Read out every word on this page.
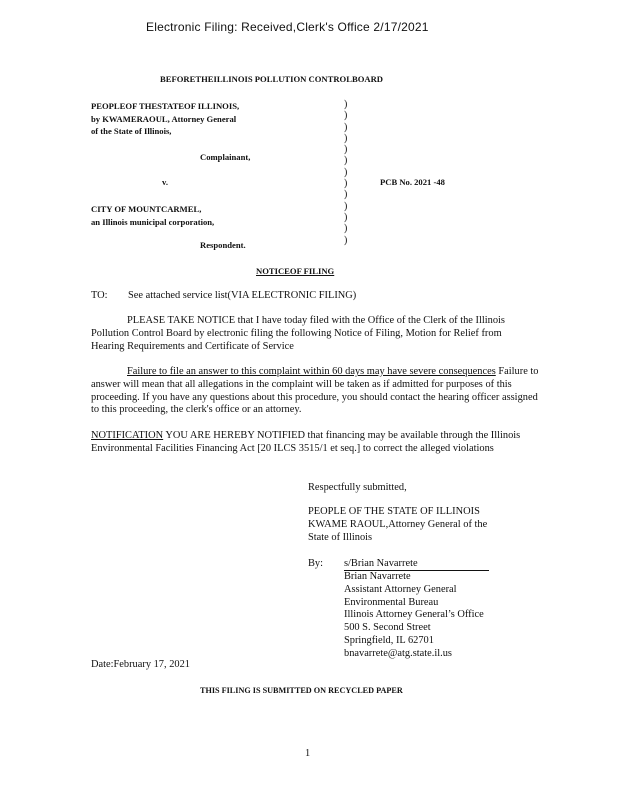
Electronic Filing: Received,Clerk's Office 2/17/2021
BEFORETHEILLINOIS POLLUTION CONTROLBOARD
PEOPLEOF THESTATEOF ILLINOIS,
by KWAMERAOUL, Attorney General
of the State of Illinois,
Complainant,
v.
CITY OF MOUNTCARMEL,
an Illinois municipal corporation,
Respondent.
)
)
)
)
)
)
)
)
)
)
)
)
)
PCB No. 2021 -48
NOTICEOF FILING
TO: See attached service list(VIA ELECTRONIC FILING)
PLEASE TAKE NOTICE that I have today filed with the Office of the Clerk of the Illinois Pollution Control Board by electronic filing the following Notice of Filing, Motion for Relief from Hearing Requirements and Certificate of Service
Failure to file an answer to this complaint within 60 days may have severe consequences Failure to answer will mean that all allegations in the complaint will be taken as if admitted for purposes of this proceeding. If you have any questions about this procedure, you should contact the hearing officer assigned to this proceeding, the clerk's office or an attorney.
NOTIFICATION YOU ARE HEREBY NOTIFIED that financing may be available through the Illinois Environmental Facilities Financing Act [20 ILCS 3515/1 et seq.] to correct the alleged violations
Respectfully submitted,
PEOPLE OF THE STATE OF ILLINOIS
KWAME RAOUL,Attorney General of the
State of Illinois
By: s/Brian Navarrete
Brian Navarrete
Assistant Attorney General
Environmental Bureau
Illinois Attorney General’s Office
500 S. Second Street
Springfield, IL 62701
bnavarrete@atg.state.il.us
Date:February 17, 2021
THIS FILING IS SUBMITTED ON RECYCLED PAPER
1
